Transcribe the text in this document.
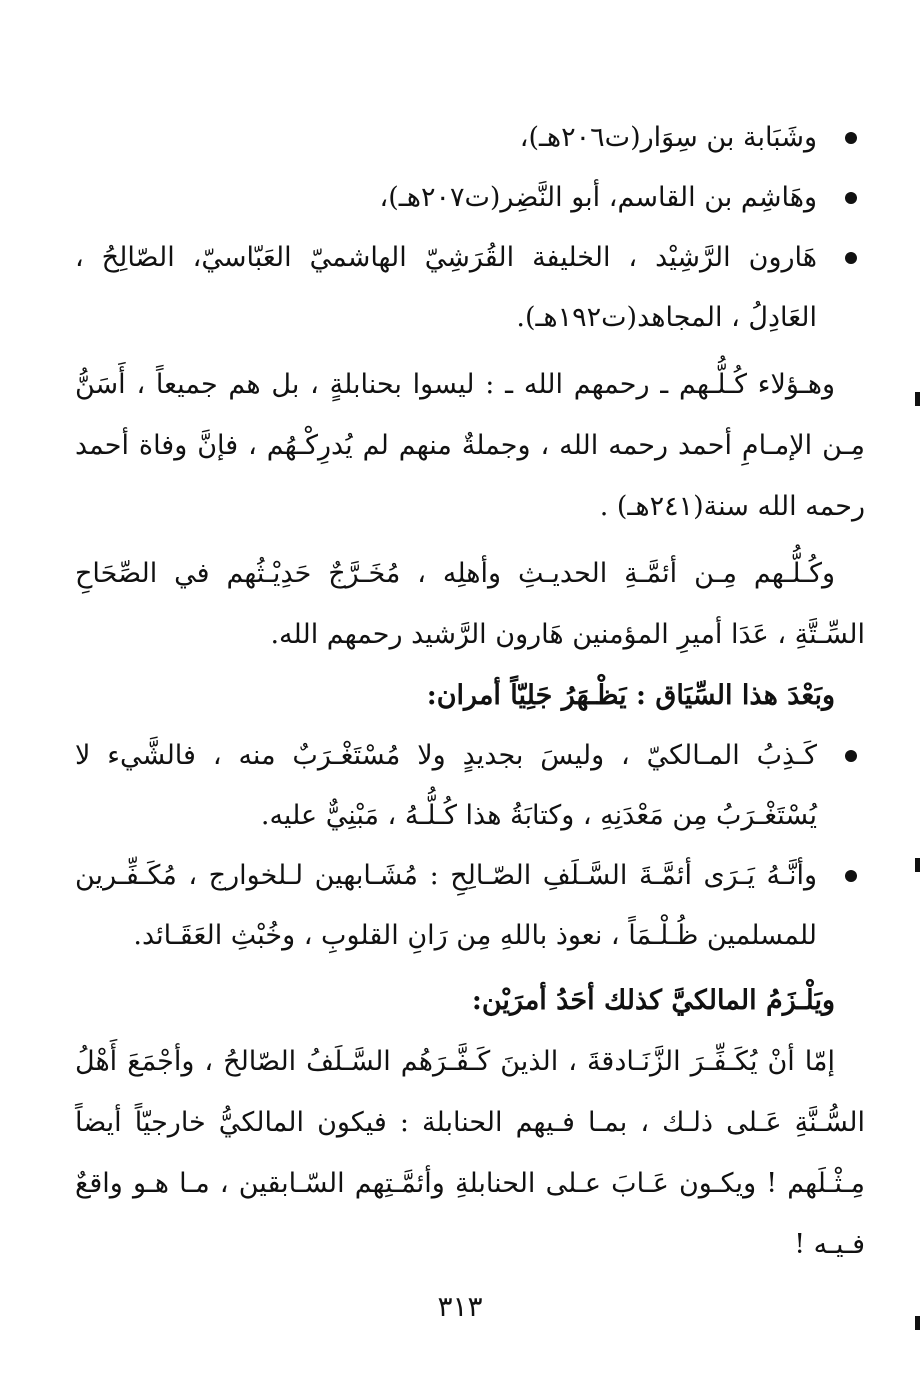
وشَبَابة بن سِوَار(ت٢٠٦هـ)،
وهَاشِم بن القاسم، أبو النَّضِر(ت٢٠٧هـ)،
هَارون الرَّشِيْد ، الخليفة القُرَشِيّ الهاشميّ العَبّاسيّ، الصّالِحُ ، العَادِلُ ، المجاهد(ت١٩٢هـ).

وهـؤلاء كُـلُّـهم ـ رحمهم الله ـ : ليسوا بحنابلةٍ ، بل هم جميعاً ، أَسَنُّ مِـن الإمـامِ أحمد رحمه الله ، وجملةٌ منهم لم يُدرِكْـهُم ، فإنَّ وفاة أحمد رحمه الله سنة(٢٤١هـ) .

وكُـلُّـهم مِـن أئمَّـةِ الحديـثِ وأهلِه ، مُخَـرَّجٌ حَدِيْـثُهم في الصِّحَاحِ السِّـتَّةِ ، عَدَا أميرِ المؤمنين هَارون الرَّشيد رحمهم الله.

وبَعْدَ هذا السِّيَاق : يَظْـهَرُ جَلِيّاً أمران:

كَـذِبُ المـالكيّ ، وليسَ بجديدٍ ولا مُسْتَغْـرَبٌ منه ، فالشَّيء لا يُسْتَغْـرَبُ مِن مَعْدَنِهِ ، وكتابَةُ هذا كُـلُّـهُ ، مَبْنِيٌّ عليه.
وأنَّـهُ يَـرَى أئمَّـةَ السَّـلَفِ الصّـالِحِ : مُشَـابهين لـلخوارج ، مُكَـفِّـرين للمسلمين ظُـلْـمَاً ، نعوذ باللهِ مِن رَانِ القلوبِ ، وخُبْثِ العَقَـائد.

ويَلْـزَمُ المالكيَّ كذلك أحَدُ أمرَيْن:

إمّا أنْ يُكَـفِّـرَ الزَّنَـادقةَ ، الذينَ كَـفَّـرَهُم السَّـلَفُ الصّالحُ ، وأجْمَعَ أَهْلُ السُّـنَّةِ عَـلى ذلـك ، بمـا فـيهم الحنابلة : فيكون المالكيُّ خارجيّاً أيضاً مِـثْـلَهم ! ويكـون عَـابَ عـلى الحنابلةِ وأئمَّـتِهم السّـابقين ، مـا هـو واقعٌ فـيـه !

٣١٣
